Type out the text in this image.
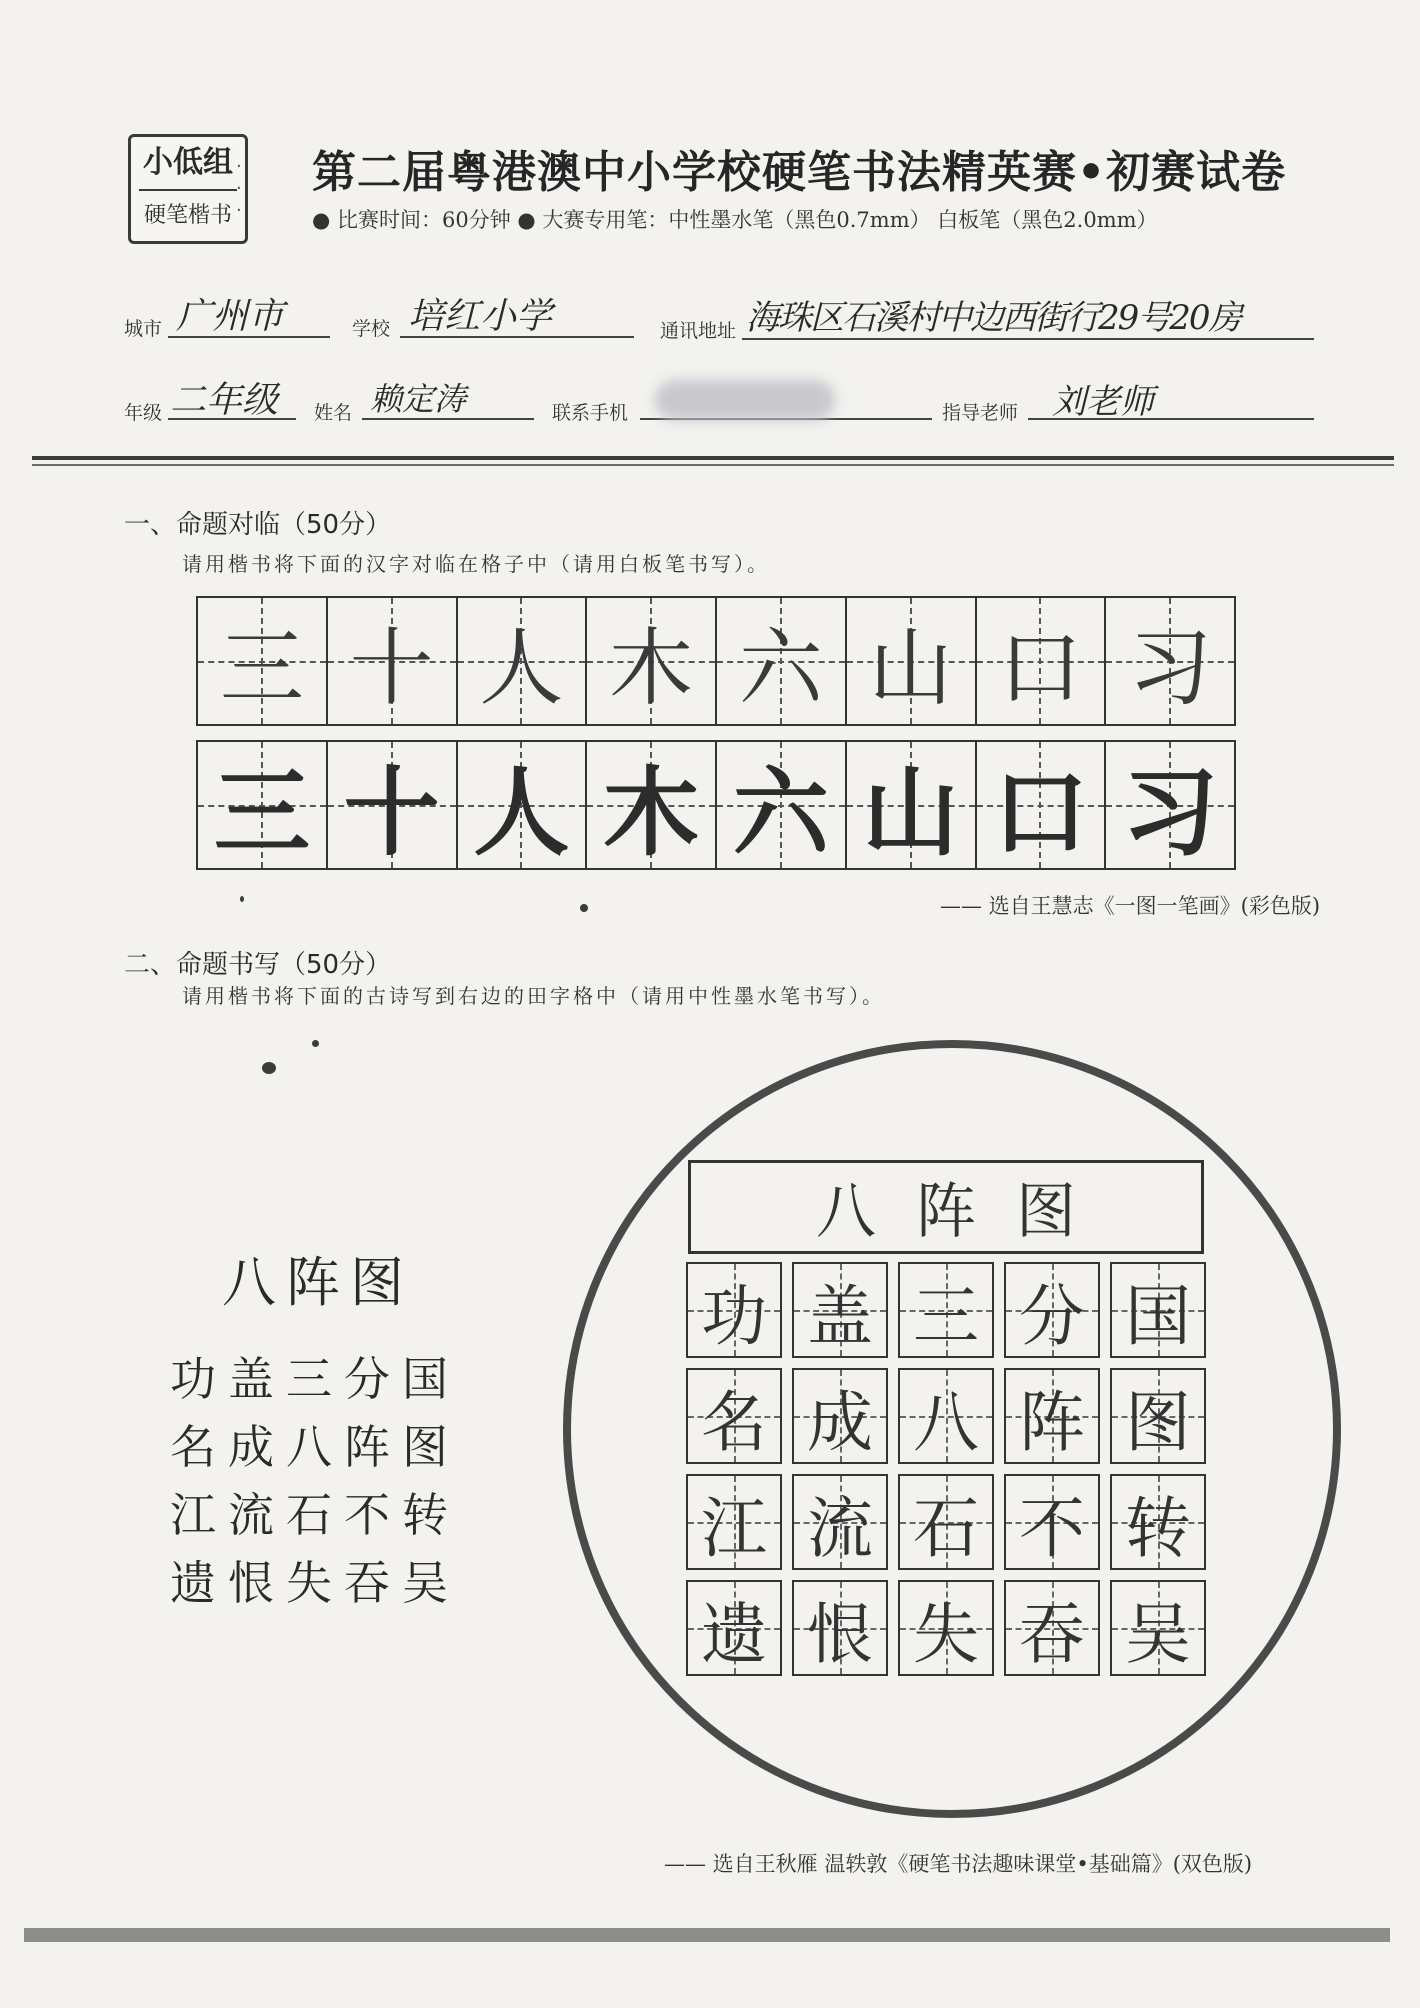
小低组
硬笔楷书
·
·
·
第二届粤港澳中小学校硬笔书法精英赛•初赛试卷
● 比赛时间：60分钟 ● 大赛专用笔：中性墨水笔（黑色0.7mm） 白板笔（黑色2.0mm）
城市 广州市	学校 培红小学	通讯地址 海珠区石溪村中边西街行29号20房
年级 二年级 姓名 赖定涛	联系手机	指导老师 刘老师
一、命题对临（50分）
请用楷书将下面的汉字对临在格子中（请用白板笔书写）。
三 十 人 木 六 山 口 习
三 十 人 木 六 山 口 习
—— 选自王慧志《一图一笔画》(彩色版)
二、命题书写（50分）
请用楷书将下面的古诗写到右边的田字格中（请用中性墨水笔书写）。
八阵图
功盖三分国
名成八阵图
江流石不转
遗恨失吞吴
八阵图
功 盖 三 分 国
名 成 八 阵 图
江 流 石 不 转
遗 恨 失 吞 吴
—— 选自王秋雁 温轶敦《硬笔书法趣味课堂•基础篇》(双色版)
